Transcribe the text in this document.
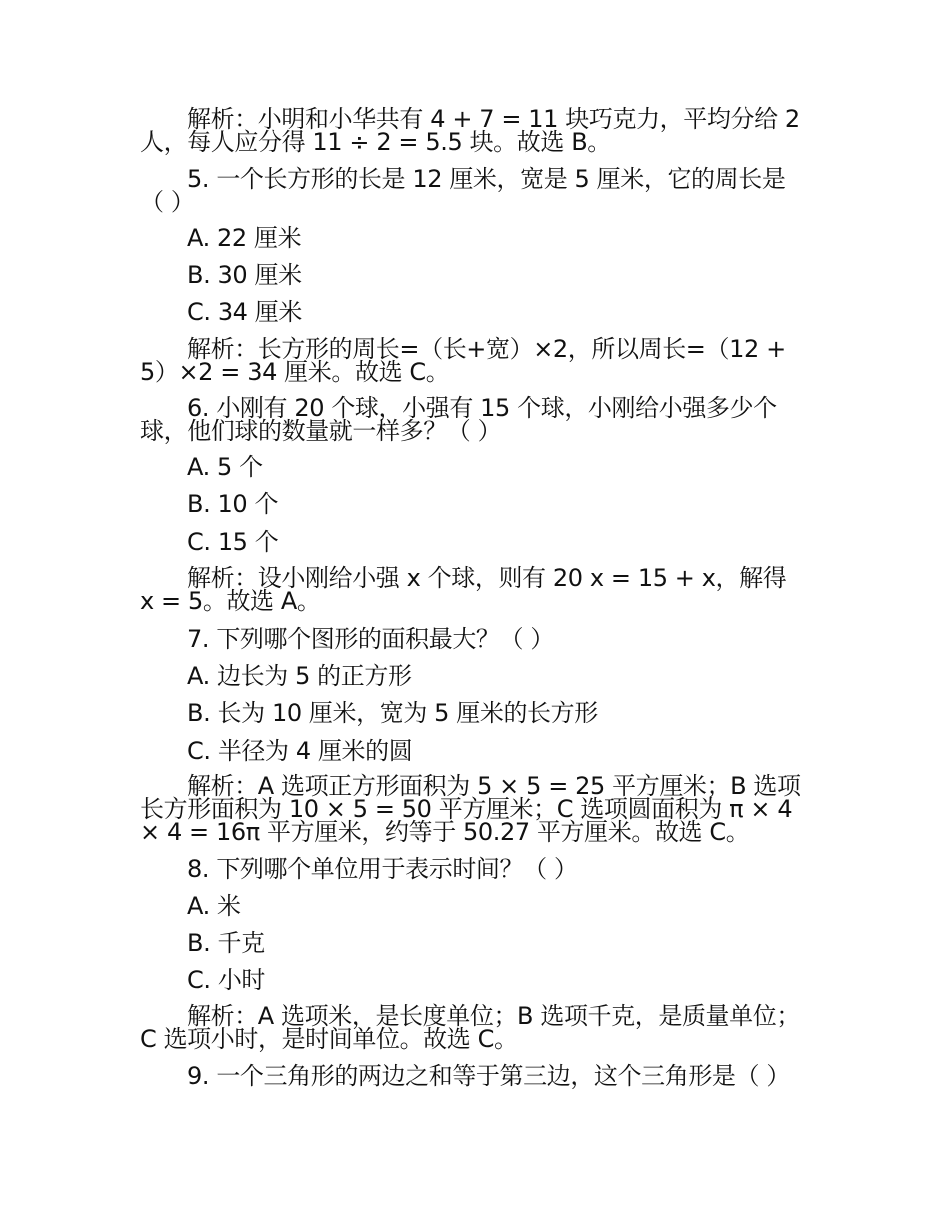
解析：小明和小华共有 4 + 7 = 11 块巧克力，平均分给 2 人，每人应分得 11 ÷ 2 = 5.5 块。故选 B。

5. 一个长方形的长是 12 厘米，宽是 5 厘米，它的周长是（ ）

A. 22 厘米

B. 30 厘米

C. 34 厘米

解析：长方形的周长=（长+宽）×2，所以周长=（12 + 5）×2 = 34 厘米。故选 C。

6. 小刚有 20 个球，小强有 15 个球，小刚给小强多少个球，他们球的数量就一样多？（ ）

A. 5 个

B. 10 个

C. 15 个

解析：设小刚给小强 x 个球，则有 20 x = 15 + x，解得 x = 5。故选 A。

7. 下列哪个图形的面积最大？（ ）

A. 边长为 5 的正方形

B. 长为 10 厘米，宽为 5 厘米的长方形

C. 半径为 4 厘米的圆

解析：A 选项正方形面积为 5 × 5 = 25 平方厘米；B 选项长方形面积为 10 × 5 = 50 平方厘米；C 选项圆面积为 π × 4 × 4 = 16π 平方厘米，约等于 50.27 平方厘米。故选 C。

8. 下列哪个单位用于表示时间？（ ）

A. 米

B. 千克

C. 小时

解析：A 选项米，是长度单位；B 选项千克，是质量单位；C 选项小时，是时间单位。故选 C。

9. 一个三角形的两边之和等于第三边，这个三角形是（ ）
